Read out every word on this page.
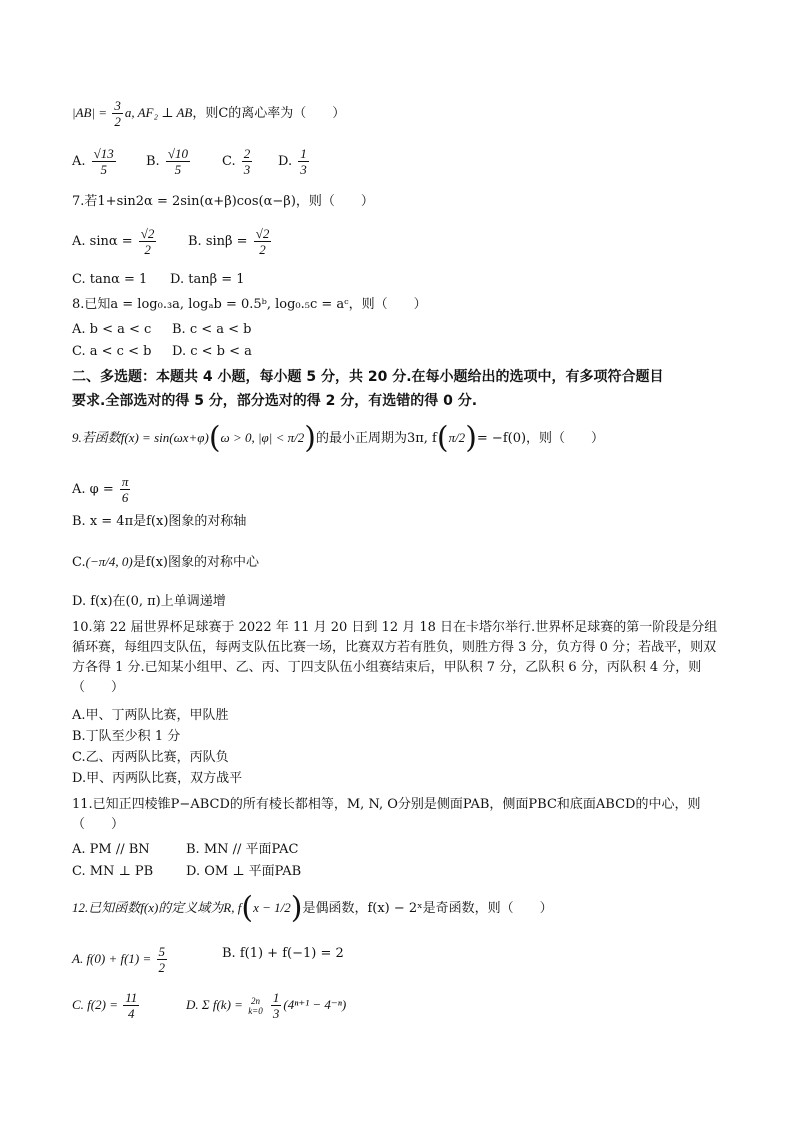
$|AB| = \frac{3}{2} a$, AF₂ ⊥ AB，则C的离心率为（　　）
A. $\frac{√13}{5} B$. $\frac{√10}{5} C$. $\frac{2}{3} D$. $\frac{1}{3}$
7.若1+sin2α = 2sin(α+β)cos(α−β)，则（　　）
A. $\sin\alpha = \frac{√2}{2} B$. $\sin\beta = \frac{√2}{2}$
C. tanα = 1 D. tanβ = 1
8.已知a = log₀.₃a, logₐb = 0.5ᵇ, log₀.₅c = aᶜ，则（　　）
A. b < a < c B. c < a < b
C. a < c < b D. c < b < a
二、多选题：本题共 4 小题，每小题 5 分，共 20 分.在每小题给出的选项中，有多项符合题目
要求.全部选对的得 5 分，部分选对的得 2 分，有选错的得 0 分.
9.若函数f(x) = sin(ωx+φ)(ω > 0, |φ| < π/2)的最小正周期为3π, f(π/2)= −f(0)，则（　　）
A. $\varphi = \frac{\pi}{6}$
B. x = 4π是f(x)图象的对称轴
C.(−π/4, 0)是f(x)图象的对称中心
D. f(x)在(0, π)上单调递增
10.第 22 届世界杯足球赛于 2022 年 11 月 20 日到 12 月 18 日在卡塔尔举行.世界杯足球赛的第一阶段是分组循环赛，每组四支队伍，每两支队伍比赛一场，比赛双方若有胜负，则胜方得 3 分，负方得 0 分；若战平，则双方各得 1 分.已知某小组甲、乙、丙、丁四支队伍小组赛结束后，甲队积 7 分，乙队积 6 分，丙队积 4 分，则（　　）
A.甲、丁两队比赛，甲队胜
B.丁队至少积 1 分
C.乙、丙两队比赛，丙队负
D.甲、丙两队比赛，双方战平
11.已知正四棱锥P−ABCD的所有棱长都相等，M, N, O分别是侧面PAB，侧面PBC和底面ABCD的中心，则（　　）
A. PM // BN	B. MN // 平面PAC
C. MN ⊥ PB	D. OM ⊥ 平面PAB
12.已知函数f(x)的定义域为R, f(x − 1/2)是偶函数，f(x) − 2ˣ是奇函数，则（　　）
A. $f(0) + f(1) = \frac{5}{2}$	B. f(1) + f(−1) = 2
C. $f(2) = \frac{11}{4}$	D. Σ f(k) = 2n
k=0
$\frac{1}{3} (4^{n+1} - 4^{-n})$
